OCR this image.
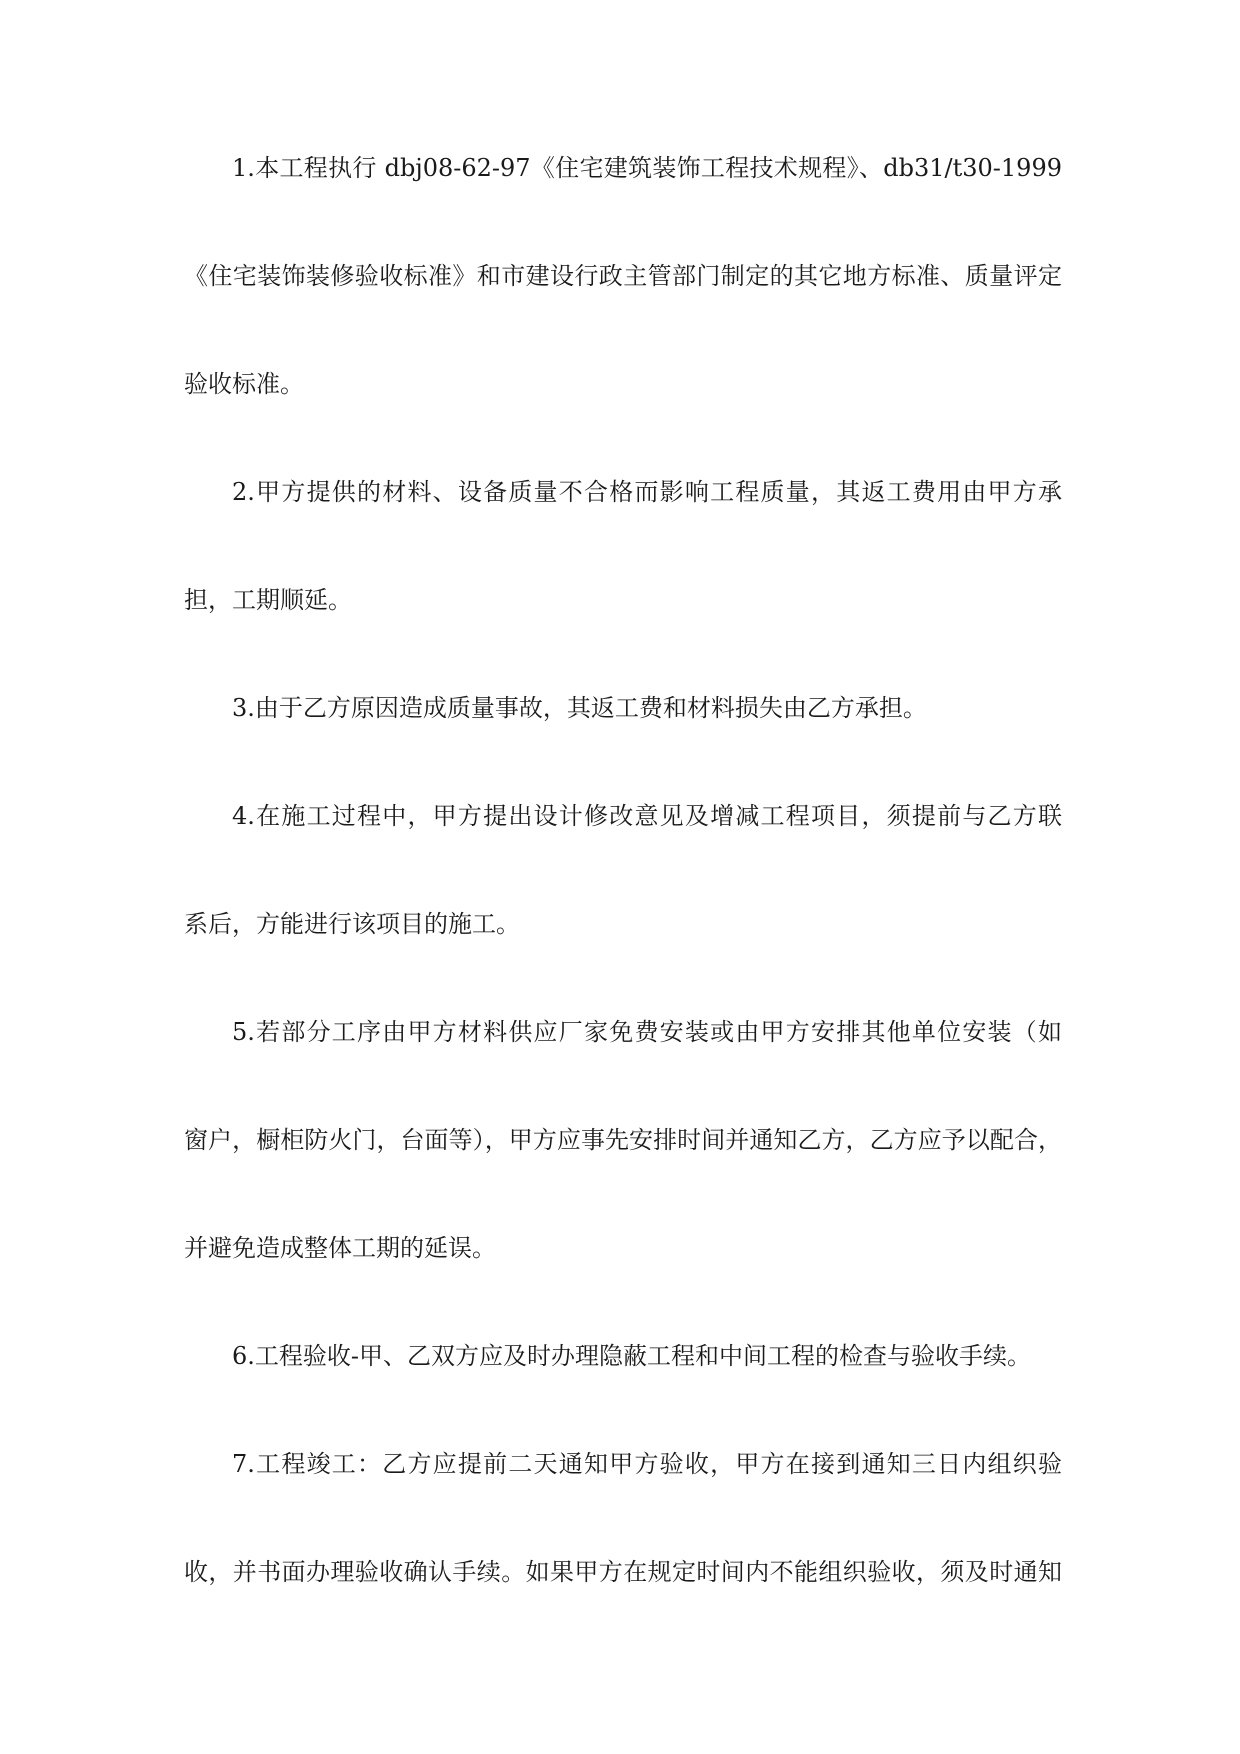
1.本工程执行 dbj08-62-97《住宅建筑装饰工程技术规程》、db31/t30-1999
《住宅装饰装修验收标准》和市建设行政主管部门制定的其它地方标准、质量评定
验收标准。
2.甲方提供的材料、设备质量不合格而影响工程质量，其返工费用由甲方承
担，工期顺延。
3.由于乙方原因造成质量事故，其返工费和材料损失由乙方承担。
4.在施工过程中，甲方提出设计修改意见及增减工程项目，须提前与乙方联
系后，方能进行该项目的施工。
5.若部分工序由甲方材料供应厂家免费安装或由甲方安排其他单位安装（如
窗户，橱柜防火门，台面等），甲方应事先安排时间并通知乙方，乙方应予以配合，
并避免造成整体工期的延误。
6.工程验收-甲、乙双方应及时办理隐蔽工程和中间工程的检查与验收手续。
7.工程竣工：乙方应提前二天通知甲方验收，甲方在接到通知三日内组织验
收，并书面办理验收确认手续。如果甲方在规定时间内不能组织验收，须及时通知
